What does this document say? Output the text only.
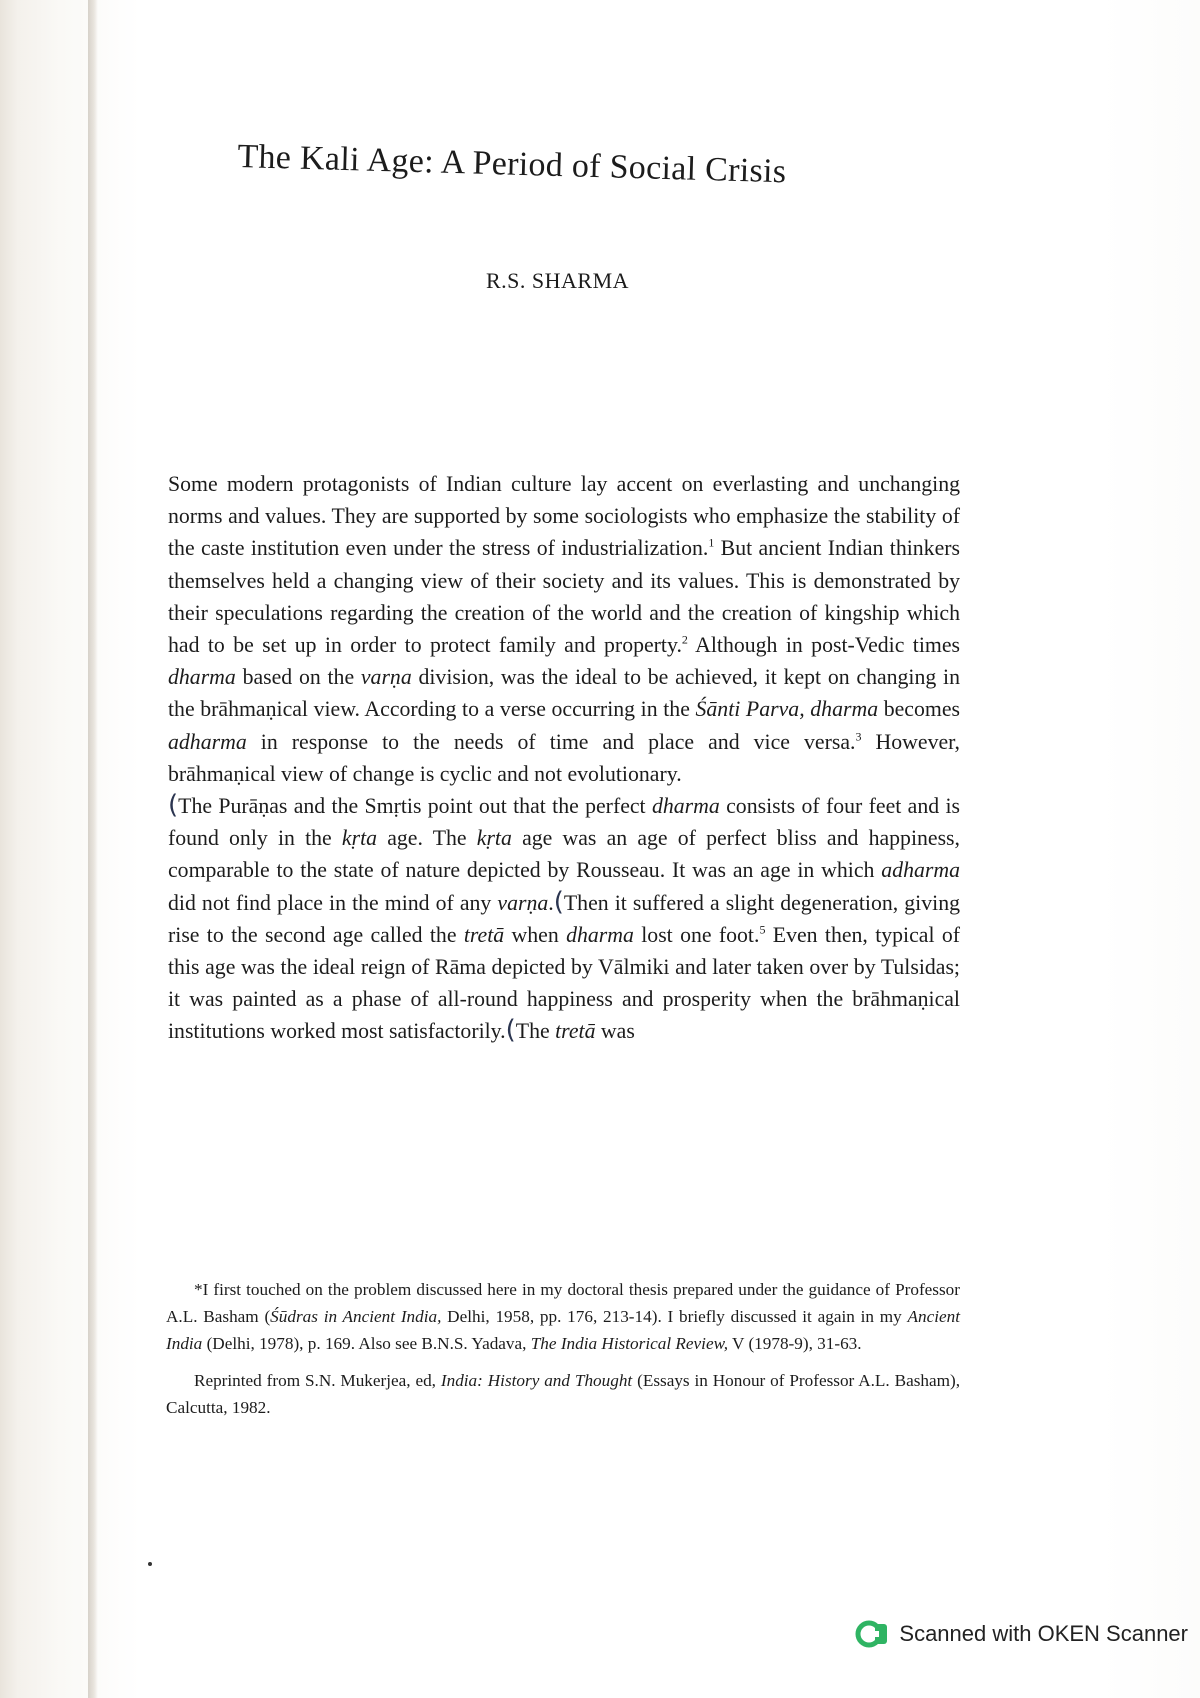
The Kali Age: A Period of Social Crisis
R.S. SHARMA

Some modern protagonists of Indian culture lay accent on everlasting and unchanging norms and values. They are supported by some sociologists who emphasize the stability of the caste institution even under the stress of industrialization.$^1$ But ancient Indian thinkers themselves held a changing view of their society and its values. This is demonstrated by their speculations regarding the creation of the world and the creation of kingship which had to be set up in order to protect family and property.$^2$ Although in post-Vedic times dharma based on the varṇa division, was the ideal to be achieved, it kept on changing in the brāhmaṇical view. According to a verse occurring in the Śānti Parva, dharma becomes adharma in response to the needs of time and place and vice versa.$^3$ However, brāhmaṇical view of change is cyclic and not evolutionary.

(The Purāṇas and the Smṛtis point out that the perfect dharma consists of four feet and is found only in the kṛta age. The kṛta age was an age of perfect bliss and happiness, comparable to the state of nature depicted by Rousseau. It was an age in which adharma did not find place in the mind of any varṇa.(Then it suffered a slight degeneration, giving rise to the second age called the tretā when dharma lost one foot.$^5$ Even then, typical of this age was the ideal reign of Rāma depicted by Vālmiki and later taken over by Tulsidas; it was painted as a phase of all-round happiness and prosperity when the brāhmaṇical institutions worked most satisfactorily.(The tretā was

*I first touched on the problem discussed here in my doctoral thesis prepared under the guidance of Professor A.L. Basham (Śūdras in Ancient India, Delhi, 1958, pp. 176, 213-14). I briefly discussed it again in my Ancient India (Delhi, 1978), p. 169. Also see B.N.S. Yadava, The India Historical Review, V (1978-9), 31-63.

Reprinted from S.N. Mukerjea, ed, India: History and Thought (Essays in Honour of Professor A.L. Basham), Calcutta, 1982.

Scanned with OKEN Scanner
